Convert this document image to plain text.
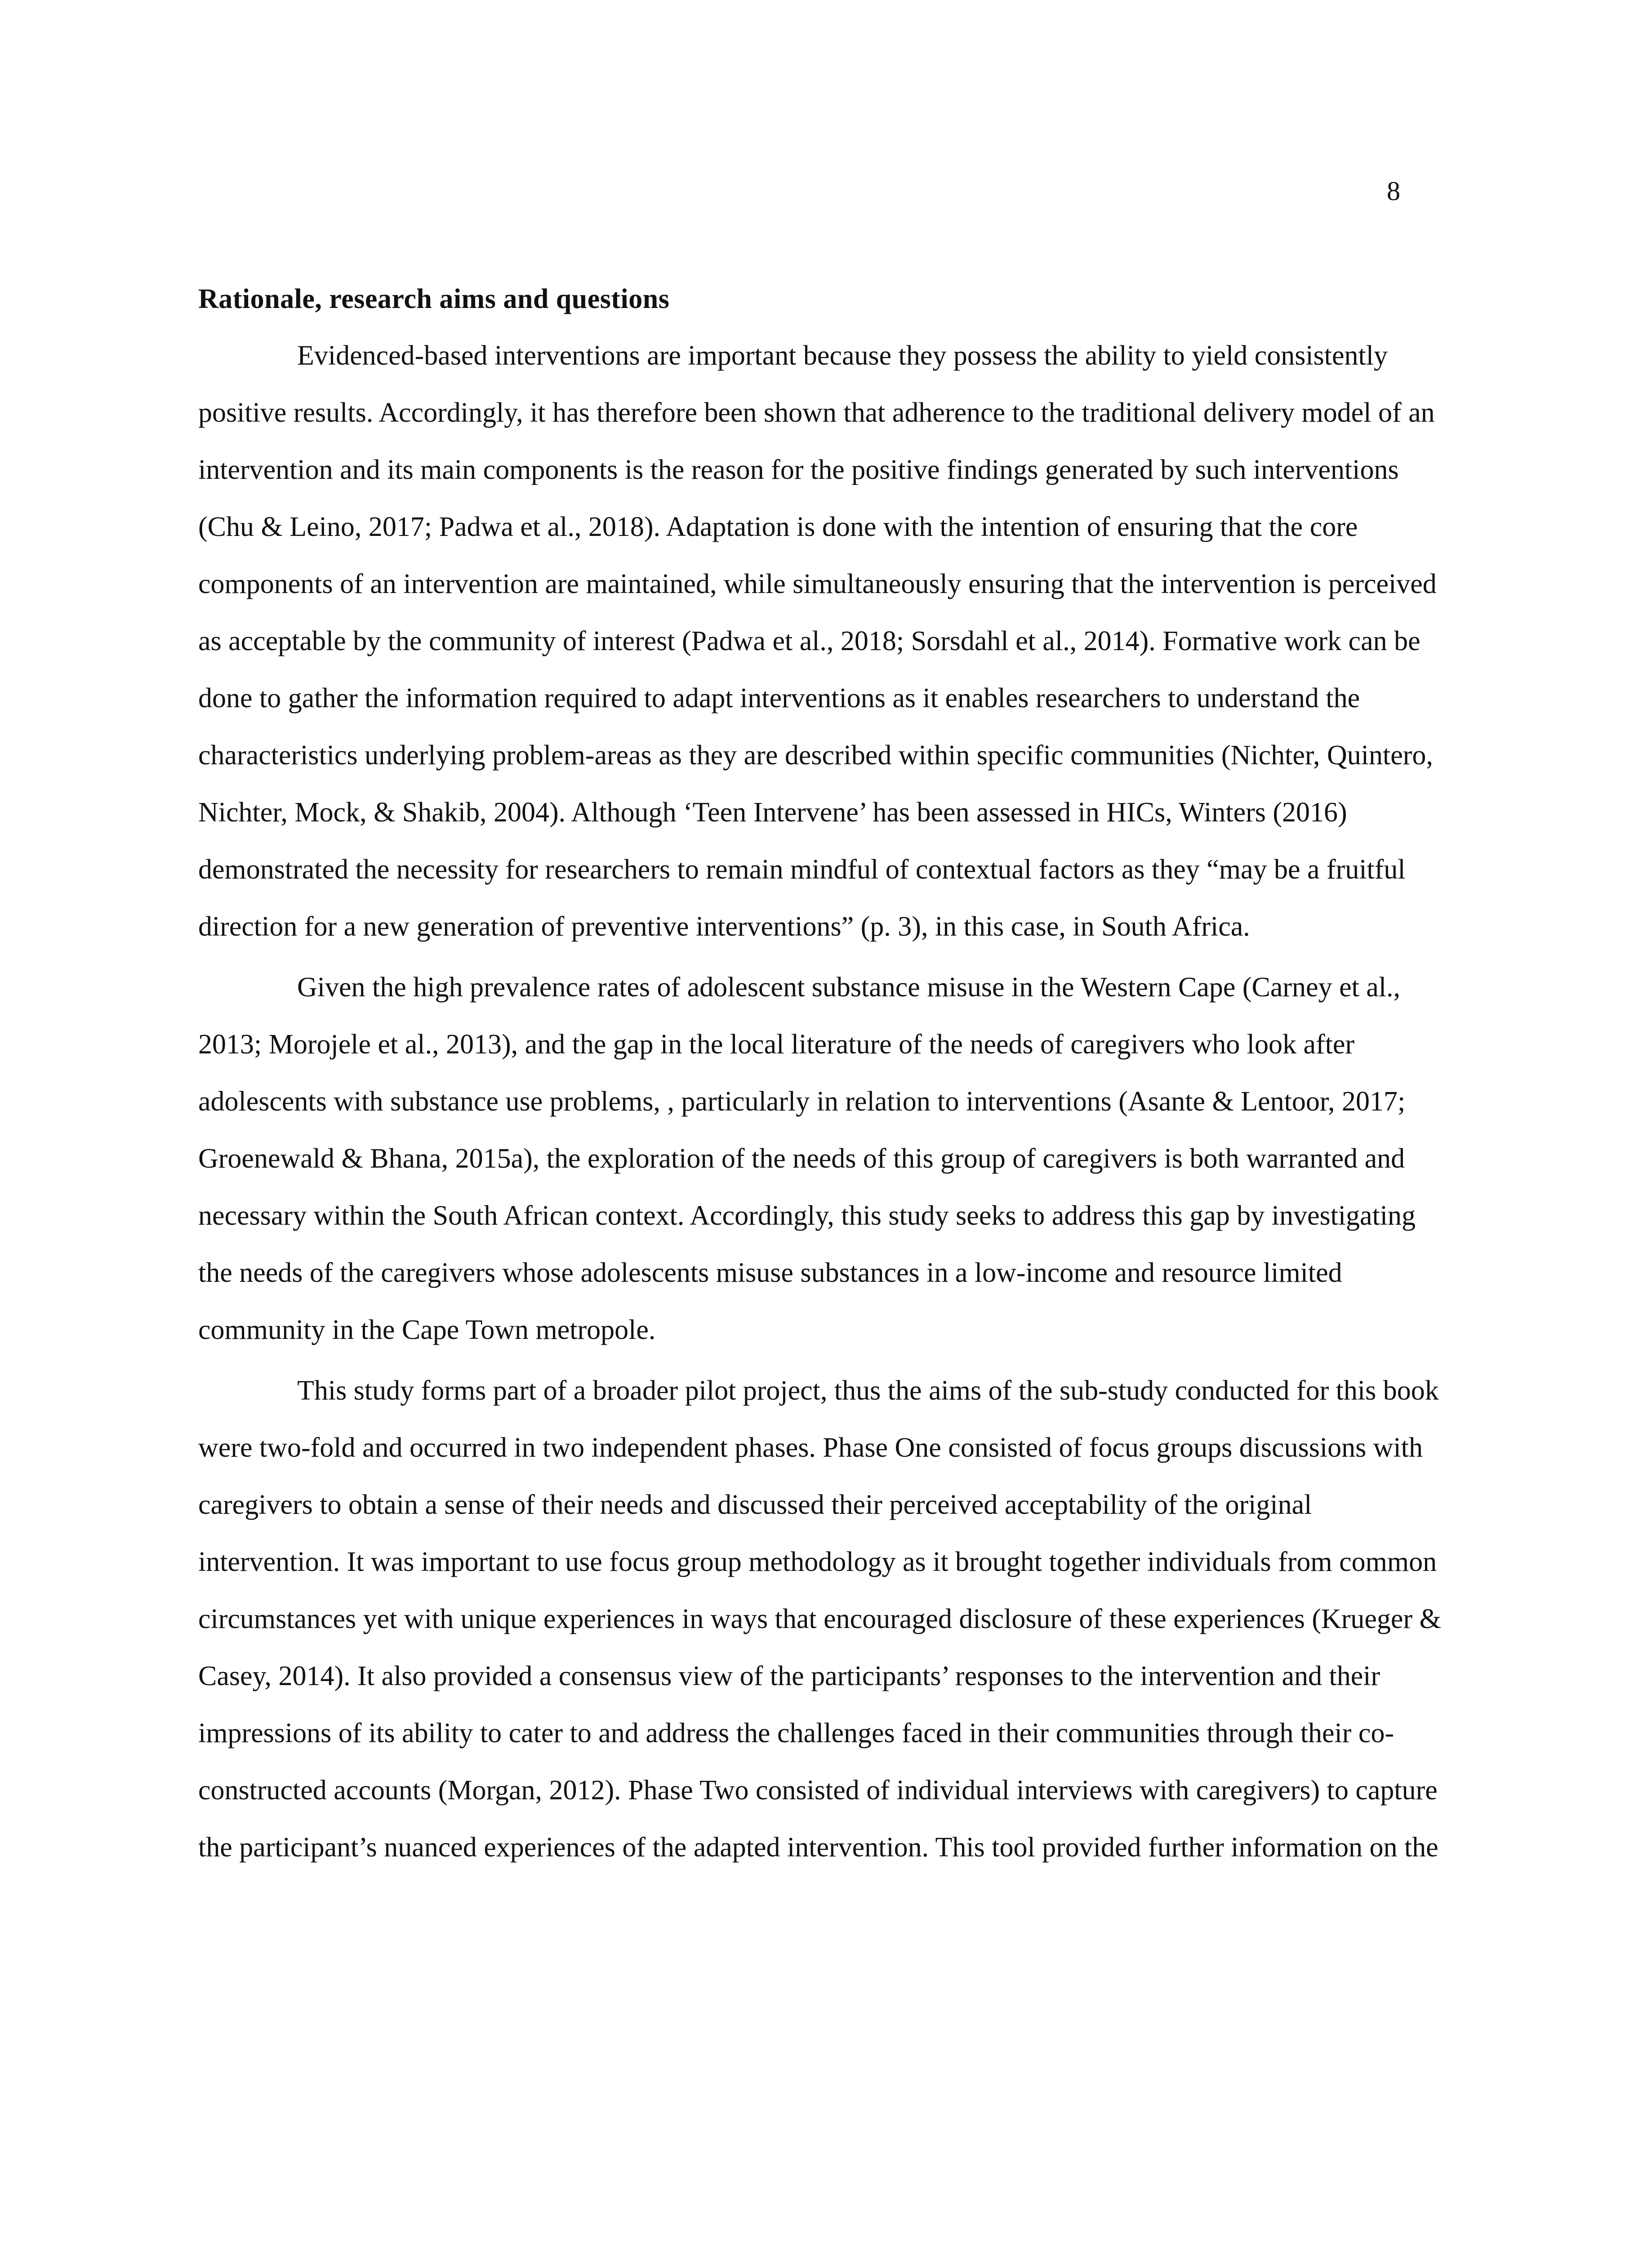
8
Rationale, research aims and questions

Evidenced-based interventions are important because they possess the ability to yield consistently positive results. Accordingly, it has therefore been shown that adherence to the traditional delivery model of an intervention and its main components is the reason for the positive findings generated by such interventions (Chu & Leino, 2017; Padwa et al., 2018). Adaptation is done with the intention of ensuring that the core components of an intervention are maintained, while simultaneously ensuring that the intervention is perceived as acceptable by the community of interest (Padwa et al., 2018; Sorsdahl et al., 2014). Formative work can be done to gather the information required to adapt interventions as it enables researchers to understand the characteristics underlying problem-areas as they are described within specific communities (Nichter, Quintero, Nichter, Mock, & Shakib, 2004). Although ‘Teen Intervene’ has been assessed in HICs, Winters (2016) demonstrated the necessity for researchers to remain mindful of contextual factors as they “may be a fruitful direction for a new generation of preventive interventions” (p. 3), in this case, in South Africa.

Given the high prevalence rates of adolescent substance misuse in the Western Cape (Carney et al., 2013; Morojele et al., 2013), and the gap in the local literature of the needs of caregivers who look after adolescents with substance use problems, , particularly in relation to interventions (Asante & Lentoor, 2017; Groenewald & Bhana, 2015a), the exploration of the needs of this group of caregivers is both warranted and necessary within the South African context. Accordingly, this study seeks to address this gap by investigating the needs of the caregivers whose adolescents misuse substances in a low-income and resource limited community in the Cape Town metropole.

This study forms part of a broader pilot project, thus the aims of the sub-study conducted for this book were two-fold and occurred in two independent phases. Phase One consisted of focus groups discussions with caregivers to obtain a sense of their needs and discussed their perceived acceptability of the original intervention. It was important to use focus group methodology as it brought together individuals from common circumstances yet with unique experiences in ways that encouraged disclosure of these experiences (Krueger & Casey, 2014). It also provided a consensus view of the participants’ responses to the intervention and their impressions of its ability to cater to and address the challenges faced in their communities through their co-constructed accounts (Morgan, 2012). Phase Two consisted of individual interviews with caregivers) to capture the participant’s nuanced experiences of the adapted intervention. This tool provided further information on the
